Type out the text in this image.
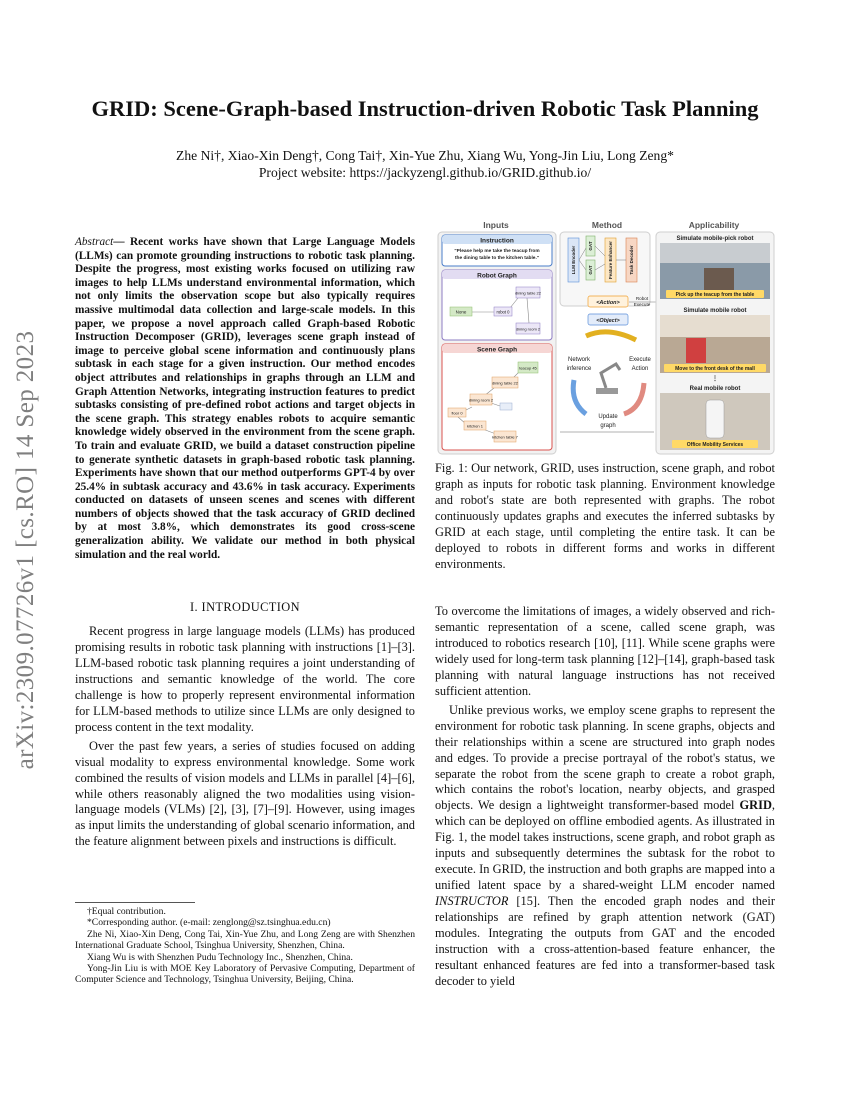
arXiv:2309.07726v1 [cs.RO] 14 Sep 2023
GRID: Scene-Graph-based Instruction-driven Robotic Task Planning
Zhe Ni†, Xiao-Xin Deng†, Cong Tai†, Xin-Yue Zhu, Xiang Wu, Yong-Jin Liu, Long Zeng*
Project website: https://jackyzengl.github.io/GRID.github.io/
Abstract— Recent works have shown that Large Language Models (LLMs) can promote grounding instructions to robotic task planning. Despite the progress, most existing works focused on utilizing raw images to help LLMs understand environmental information, which not only limits the observation scope but also typically requires massive multimodal data collection and large-scale models. In this paper, we propose a novel approach called Graph-based Robotic Instruction Decomposer (GRID), leverages scene graph instead of image to perceive global scene information and continuously plans subtask in each stage for a given instruction. Our method encodes object attributes and relationships in graphs through an LLM and Graph Attention Networks, integrating instruction features to predict subtasks consisting of pre-defined robot actions and target objects in the scene graph. This strategy enables robots to acquire semantic knowledge widely observed in the environment from the scene graph. To train and evaluate GRID, we build a dataset construction pipeline to generate synthetic datasets in graph-based robotic task planning. Experiments have shown that our method outperforms GPT-4 by over 25.4% in subtask accuracy and 43.6% in task accuracy. Experiments conducted on datasets of unseen scenes and scenes with different numbers of objects showed that the task accuracy of GRID declined by at most 3.8%, which demonstrates its good cross-scene generalization ability. We validate our method in both physical simulation and the real world.
I. INTRODUCTION

Recent progress in large language models (LLMs) has produced promising results in robotic task planning with instructions [1]–[3]. LLM-based robotic task planning requires a joint understanding of instructions and semantic knowledge of the world. The core challenge is how to properly represent environmental information for LLM-based methods to utilize since LLMs are only designed to process content in the text modality.

Over the past few years, a series of studies focused on adding visual modality to express environmental knowledge. Some work combined the results of vision models and LLMs in parallel [4]–[6], while others reasonably aligned the two modalities using vision-language models (VLMs) [2], [3], [7]–[9]. However, using images as input limits the understanding of global scenario information, and the feature alignment between pixels and instructions is difficult.

†Equal contribution.

*Corresponding author. (e-mail: zenglong@sz.tsinghua.edu.cn)

Zhe Ni, Xiao-Xin Deng, Cong Tai, Xin-Yue Zhu, and Long Zeng are with Shenzhen International Graduate School, Tsinghua University, Shenzhen, China.

Xiang Wu is with Shenzhen Pudu Technology Inc., Shenzhen, China.

Yong-Jin Liu is with MOE Key Laboratory of Pervasive Computing, Department of Computer Science and Technology, Tsinghua University, Beijing, China.

Inputs	Method	Applicability
Instruction
"Please help me take the teacup from
the dining table to the kitchen table."
Robot Graph
None	robot 0
dining table 22
dining room 2
Scene Graph
teacup 45
dining table 22
dining room 2
floor 0
kitchen 1
kitchen table 7
LLM Encoder	GAT
GAT	Feature Enhancer	Task Decoder
<Action>
<Object>
Robot
Execute
Network
inference
Execute
Action
Update
graph
Simulate mobile-pick robot
Pick up the teacup from the table
Simulate mobile robot
Move to the front desk of the mall
⋮
Real mobile robot
Office Mobility Services
Fig. 1: Our network, GRID, uses instruction, scene graph, and robot graph as inputs for robotic task planning. Environment knowledge and robot's state are both represented with graphs. The robot continuously updates graphs and executes the inferred subtasks by GRID at each stage, until completing the entire task. It can be deployed to robots in different forms and works in different environments.

To overcome the limitations of images, a widely observed and rich-semantic representation of a scene, called scene graph, was introduced to robotics research [10], [11]. While scene graphs were widely used for long-term task planning [12]–[14], graph-based task planning with natural language instructions has not received sufficient attention.

Unlike previous works, we employ scene graphs to represent the environment for robotic task planning. In scene graphs, objects and their relationships within a scene are structured into graph nodes and edges. To provide a precise portrayal of the robot's status, we separate the robot from the scene graph to create a robot graph, which contains the robot's location, nearby objects, and grasped objects. We design a lightweight transformer-based model GRID, which can be deployed on offline embodied agents. As illustrated in Fig. 1, the model takes instructions, scene graph, and robot graph as inputs and subsequently determines the subtask for the robot to execute. In GRID, the instruction and both graphs are mapped into a unified latent space by a shared-weight LLM encoder named INSTRUCTOR [15]. Then the encoded graph nodes and their relationships are refined by graph attention network (GAT) modules. Integrating the outputs from GAT and the encoded instruction with a cross-attention-based feature enhancer, the resultant enhanced features are fed into a transformer-based task decoder to yield
